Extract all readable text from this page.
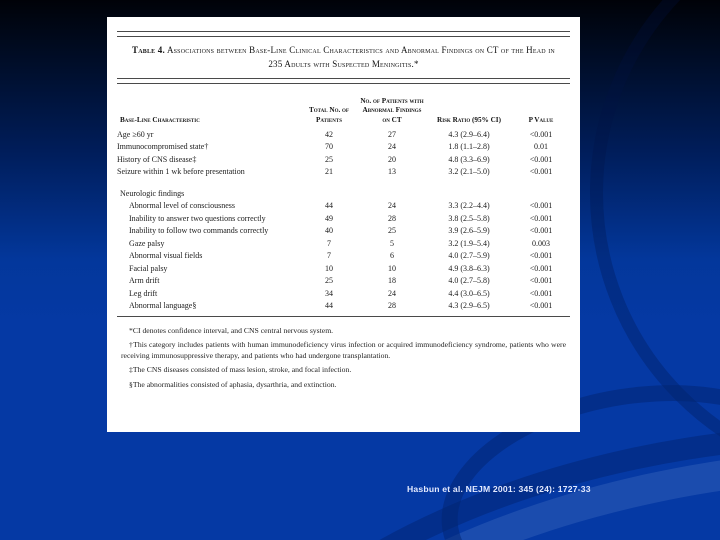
Table 4. Associations between Base-Line Clinical Characteristics and Abnormal Findings on CT of the Head in 235 Adults with Suspected Meningitis.*
Base-Line Characteristic	Total No. of Patients	No. of Patients with Abnormal Findings on CT	Risk Ratio (95% CI)	P Value
Age ≥60 yr	42	27	4.3 (2.9–6.4)	<0.001
Immunocompromised state†	70	24	1.8 (1.1–2.8)	0.01
History of CNS disease‡	25	20	4.8 (3.3–6.9)	<0.001
Seizure within 1 wk before presentation	21	13	3.2 (2.1–5.0)	<0.001

Neurologic findings				
Abnormal level of consciousness	44	24	3.3 (2.2–4.4)	<0.001
Inability to answer two questions correctly	49	28	3.8 (2.5–5.8)	<0.001
Inability to follow two commands correctly	40	25	3.9 (2.6–5.9)	<0.001
Gaze palsy	7	5	3.2 (1.9–5.4)	0.003
Abnormal visual fields	7	6	4.0 (2.7–5.9)	<0.001
Facial palsy	10	10	4.9 (3.8–6.3)	<0.001
Arm drift	25	18	4.0 (2.7–5.8)	<0.001
Leg drift	34	24	4.4 (3.0–6.5)	<0.001
Abnormal language§	44	28	4.3 (2.9–6.5)	<0.001

*CI denotes confidence interval, and CNS central nervous system.

†This category includes patients with human immunodeficiency virus infection or acquired immunodeficiency syndrome, patients who were receiving immunosuppressive therapy, and patients who had undergone transplantation.

‡The CNS diseases consisted of mass lesion, stroke, and focal infection.

§The abnormalities consisted of aphasia, dysarthria, and extinction.

Hasbun et al. NEJM 2001: 345 (24): 1727-33
